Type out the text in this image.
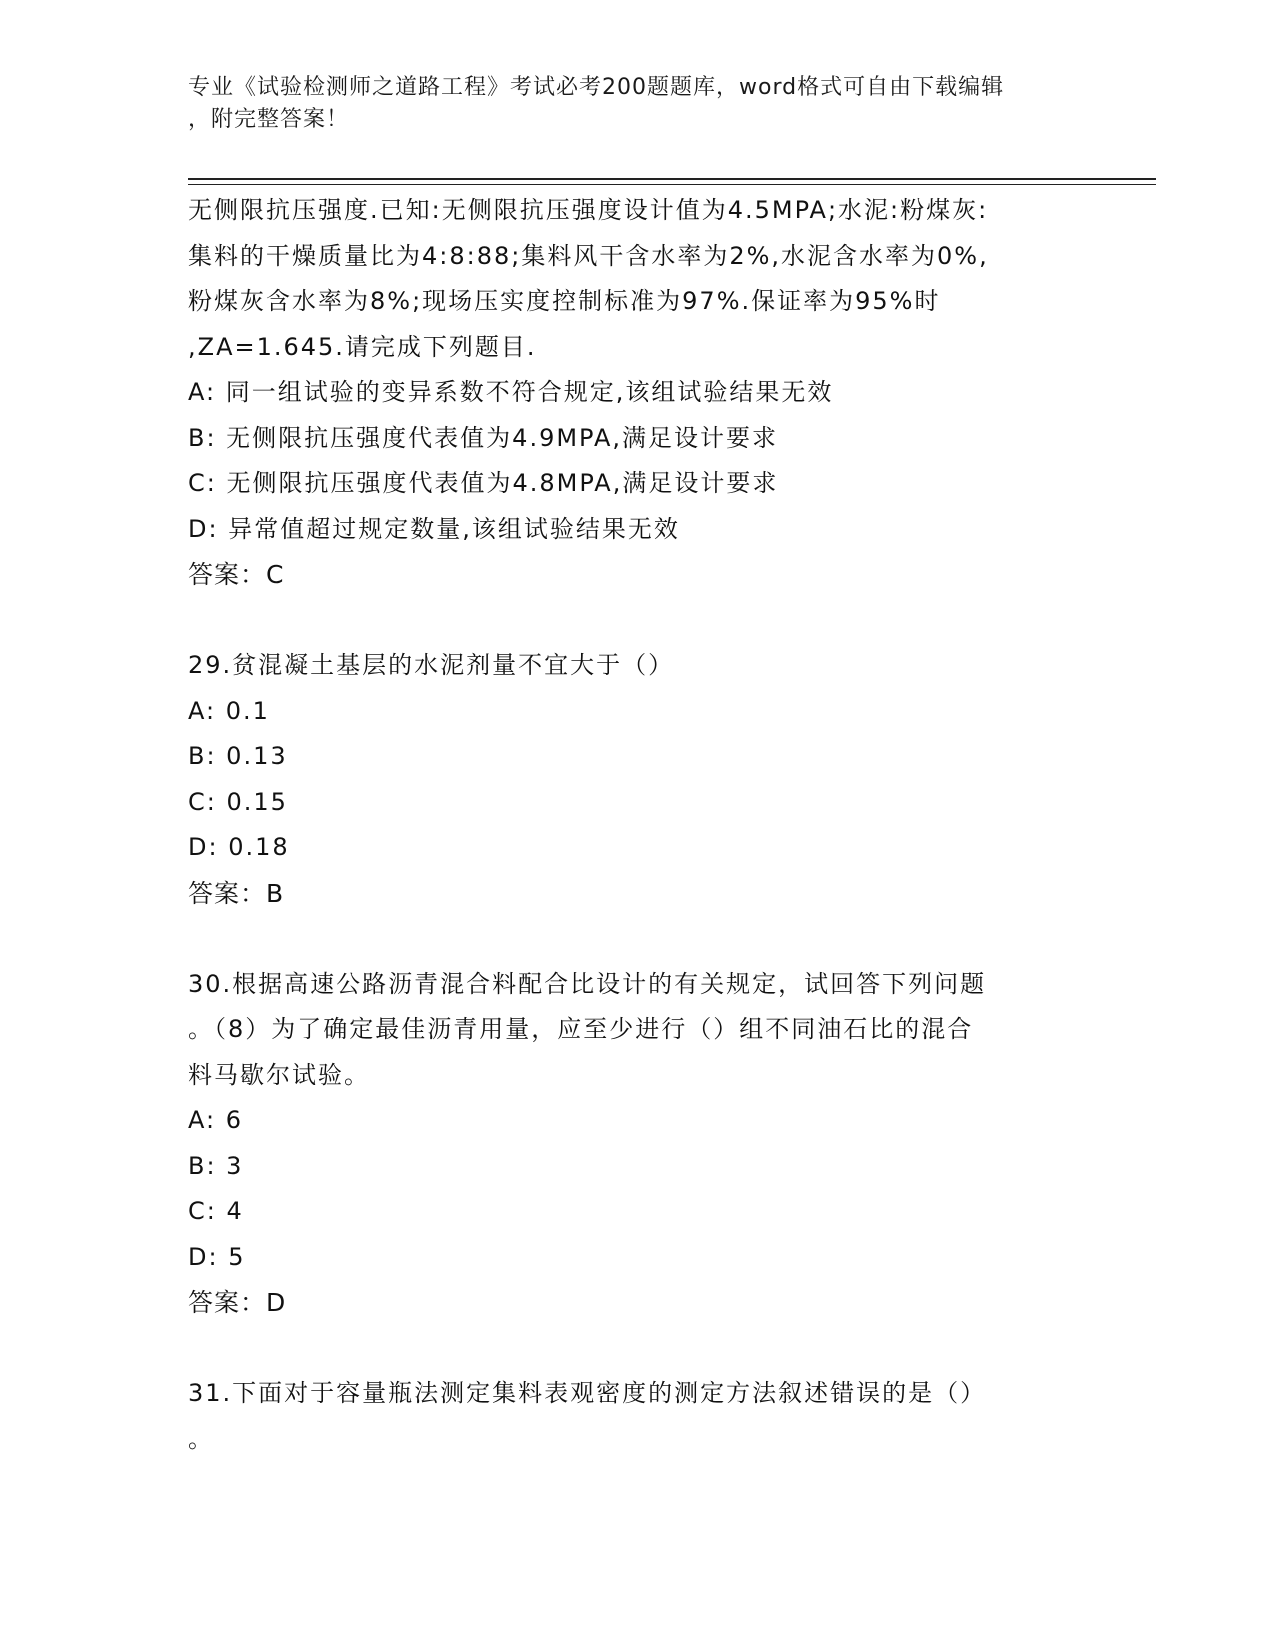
专业《试验检测师之道路工程》考试必考200题题库，word格式可自由下载编辑
，附完整答案！
无侧限抗压强度.已知:无侧限抗压强度设计值为4.5MPA;水泥:粉煤灰:
集料的干燥质量比为4:8:88;集料风干含水率为2%,水泥含水率为0%,
粉煤灰含水率为8%;现场压实度控制标准为97%.保证率为95%时
,ZA=1.645.请完成下列题目.
A: 同一组试验的变异系数不符合规定,该组试验结果无效
B: 无侧限抗压强度代表值为4.9MPA,满足设计要求
C: 无侧限抗压强度代表值为4.8MPA,满足设计要求
D: 异常值超过规定数量,该组试验结果无效
答案：C
29.贫混凝土基层的水泥剂量不宜大于（）
A: 0.1
B: 0.13
C: 0.15
D: 0.18
答案：B
30.根据高速公路沥青混合料配合比设计的有关规定，试回答下列问题
。（8）为了确定最佳沥青用量，应至少进行（）组不同油石比的混合
料马歇尔试验。
A: 6
B: 3
C: 4
D: 5
答案：D
31.下面对于容量瓶法测定集料表观密度的测定方法叙述错误的是（）
。
